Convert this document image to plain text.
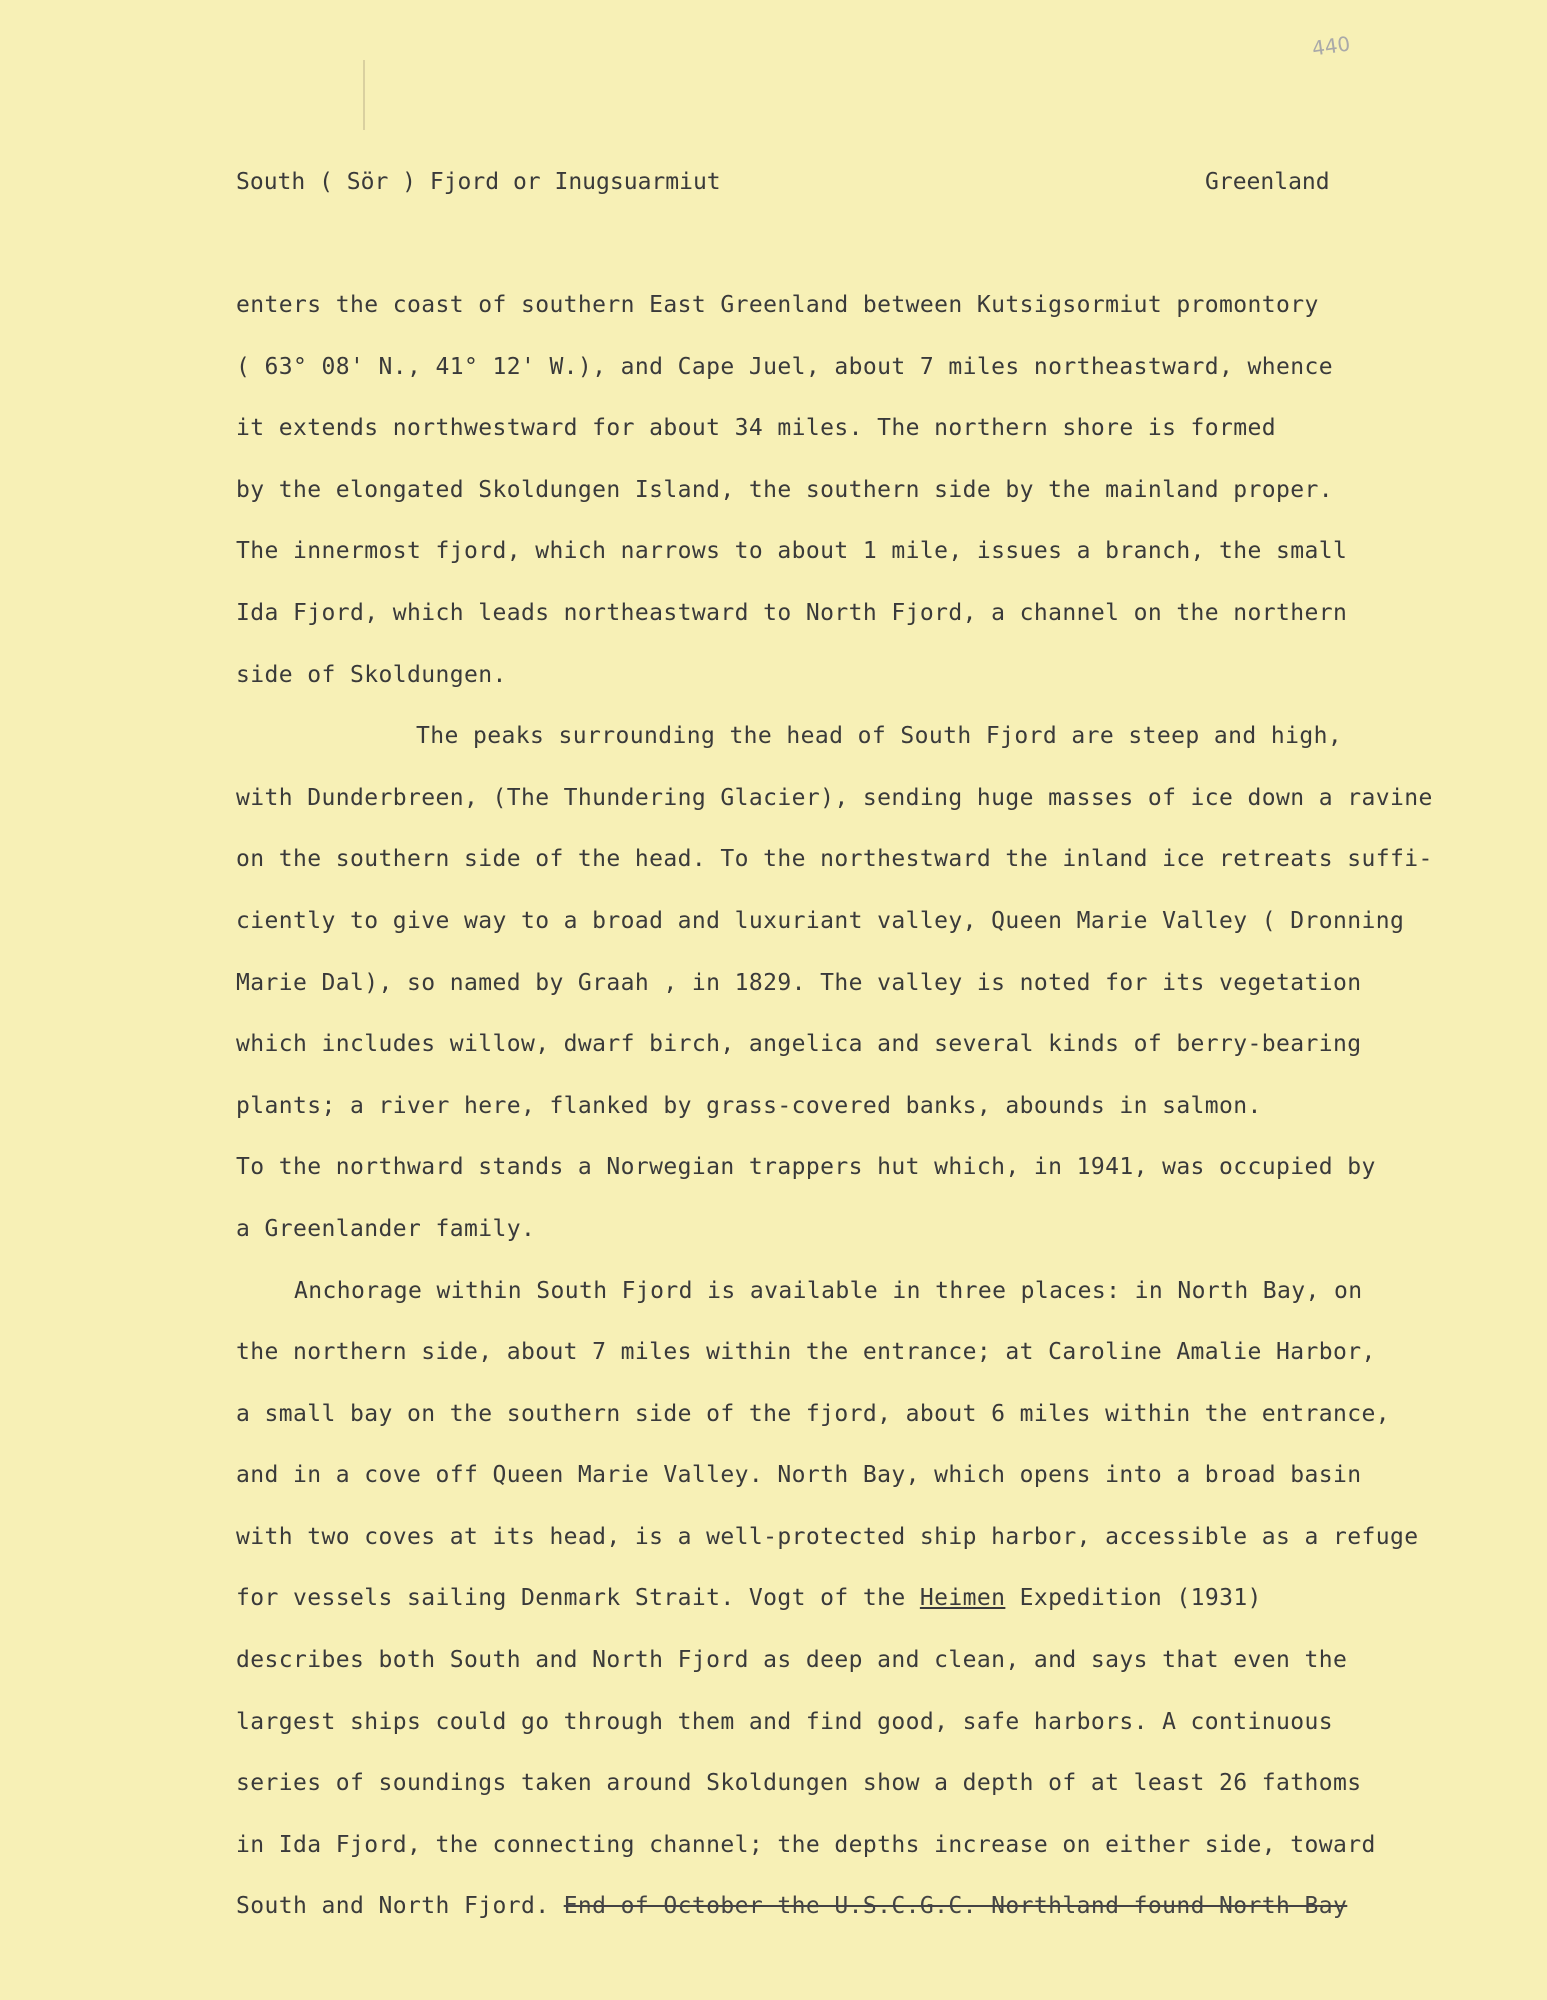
440
South ( Sör ) Fjord or Inugsuarmiut	Greenland
enters the coast of southern East Greenland between Kutsigsormiut promontory
( 63° 08' N., 41° 12' W.), and Cape Juel, about 7 miles northeastward, whence
it extends northwestward for about 34 miles. The northern shore is formed
by the elongated Skoldungen Island, the southern side by the mainland proper.
The innermost fjord, which narrows to about 1 mile, issues a branch, the small
Ida Fjord, which leads northeastward to North Fjord, a channel on the northern
side of Skoldungen.
The peaks surrounding the head of South Fjord are steep and high,
with Dunderbreen, (The Thundering Glacier), sending huge masses of ice down a ravine
on the southern side of the head. To the northestward the inland ice retreats suffi-
ciently to give way to a broad and luxuriant valley, Queen Marie Valley ( Dronning
Marie Dal), so named by Graah , in 1829. The valley is noted for its vegetation
which includes willow, dwarf birch, angelica and several kinds of berry-bearing
plants; a river here, flanked by grass-covered banks, abounds in salmon.
To the northward stands a Norwegian trappers hut which, in 1941, was occupied by
a Greenlander family.
Anchorage within South Fjord is available in three places: in North Bay, on
the northern side, about 7 miles within the entrance; at Caroline Amalie Harbor,
a small bay on the southern side of the fjord, about 6 miles within the entrance,
and in a cove off Queen Marie Valley. North Bay, which opens into a broad basin
with two coves at its head, is a well-protected ship harbor, accessible as a refuge
for vessels sailing Denmark Strait. Vogt of the Heimen Expedition (1931)
describes both South and North Fjord as deep and clean, and says that even the
largest ships could go through them and find good, safe harbors. A continuous
series of soundings taken around Skoldungen show a depth of at least 26 fathoms
in Ida Fjord, the connecting channel; the depths increase on either side, toward
South and North Fjord. End of October the U.S.C.G.C. Northland found North Bay
